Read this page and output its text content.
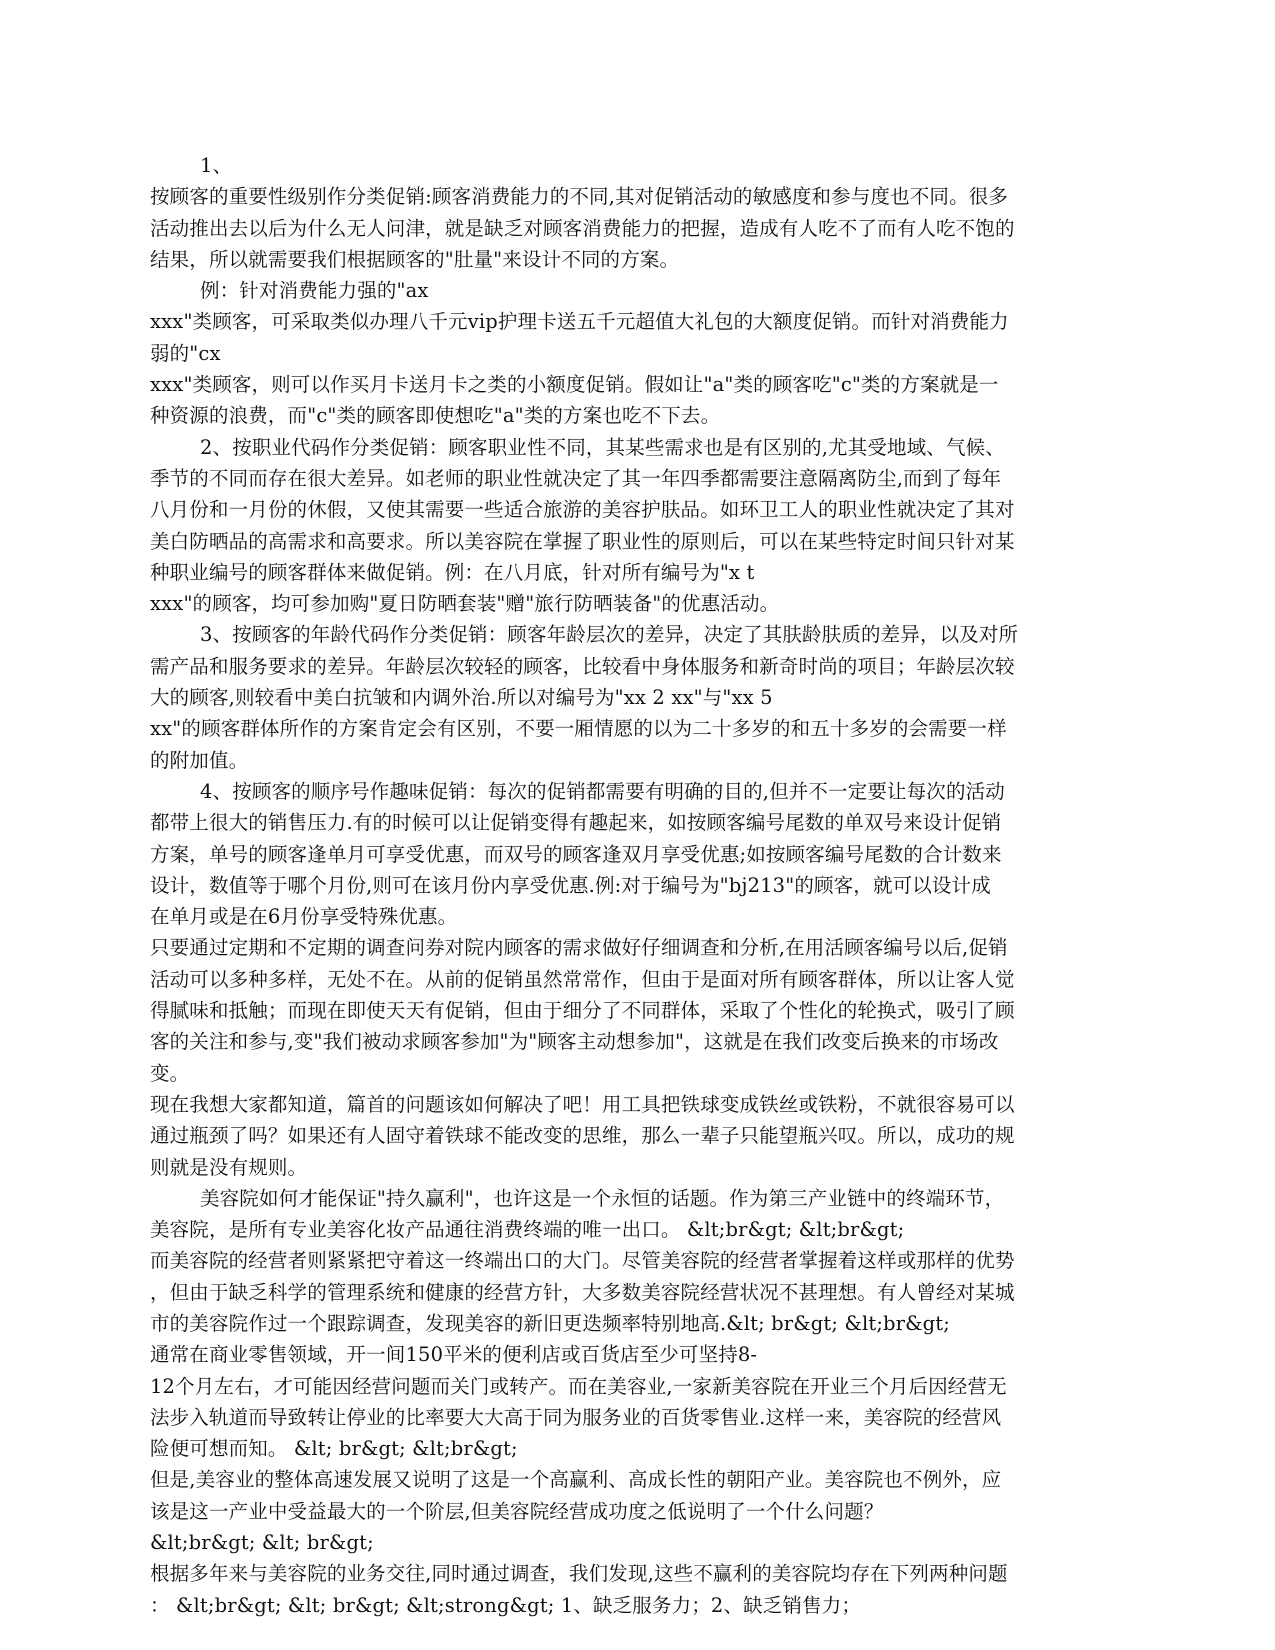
1、

按顾客的重要性级别作分类促销:顾客消费能力的不同,其对促销活动的敏感度和参与度也不同。很多

活动推出去以后为什么无人问津，就是缺乏对顾客消费能力的把握，造成有人吃不了而有人吃不饱的

结果，所以就需要我们根据顾客的"肚量"来设计不同的方案。

例：针对消费能力强的"ax

xxx"类顾客，可采取类似办理八千元vip护理卡送五千元超值大礼包的大额度促销。而针对消费能力

弱的"cx

xxx"类顾客，则可以作买月卡送月卡之类的小额度促销。假如让"a"类的顾客吃"c"类的方案就是一

种资源的浪费，而"c"类的顾客即使想吃"a"类的方案也吃不下去。

2、按职业代码作分类促销：顾客职业性不同，其某些需求也是有区别的,尤其受地域、气候、

季节的不同而存在很大差异。如老师的职业性就决定了其一年四季都需要注意隔离防尘,而到了每年

八月份和一月份的休假，又使其需要一些适合旅游的美容护肤品。如环卫工人的职业性就决定了其对

美白防晒品的高需求和高要求。所以美容院在掌握了职业性的原则后，可以在某些特定时间只针对某

种职业编号的顾客群体来做促销。例：在八月底，针对所有编号为"x t

xxx"的顾客，均可参加购"夏日防晒套装"赠"旅行防晒装备"的优惠活动。

3、按顾客的年龄代码作分类促销：顾客年龄层次的差异，决定了其肤龄肤质的差异，以及对所

需产品和服务要求的差异。年龄层次较轻的顾客，比较看中身体服务和新奇时尚的项目；年龄层次较

大的顾客,则较看中美白抗皱和内调外治.所以对编号为"xx 2 xx"与"xx 5

xx"的顾客群体所作的方案肯定会有区别，不要一厢情愿的以为二十多岁的和五十多岁的会需要一样

的附加值。

4、按顾客的顺序号作趣味促销：每次的促销都需要有明确的目的,但并不一定要让每次的活动

都带上很大的销售压力.有的时候可以让促销变得有趣起来，如按顾客编号尾数的单双号来设计促销

方案，单号的顾客逢单月可享受优惠，而双号的顾客逢双月享受优惠;如按顾客编号尾数的合计数来

设计，数值等于哪个月份,则可在该月份内享受优惠.例:对于编号为"bj213"的顾客，就可以设计成

在单月或是在6月份享受特殊优惠。

只要通过定期和不定期的调查问券对院内顾客的需求做好仔细调查和分析,在用活顾客编号以后,促销

活动可以多种多样，无处不在。从前的促销虽然常常作，但由于是面对所有顾客群体，所以让客人觉

得腻味和抵触；而现在即使天天有促销，但由于细分了不同群体，采取了个性化的轮换式，吸引了顾

客的关注和参与,变"我们被动求顾客参加"为"顾客主动想参加"，这就是在我们改变后换来的市场改

变。

现在我想大家都知道，篇首的问题该如何解决了吧！用工具把铁球变成铁丝或铁粉，不就很容易可以

通过瓶颈了吗？如果还有人固守着铁球不能改变的思维，那么一辈子只能望瓶兴叹。所以，成功的规

则就是没有规则。

美容院如何才能保证"持久赢利"，也许这是一个永恒的话题。作为第三产业链中的终端环节，

美容院，是所有专业美容化妆产品通往消费终端的唯一出口。 &lt;br&gt; &lt;br&gt;

而美容院的经营者则紧紧把守着这一终端出口的大门。尽管美容院的经营者掌握着这样或那样的优势

，但由于缺乏科学的管理系统和健康的经营方针，大多数美容院经营状况不甚理想。有人曾经对某城

市的美容院作过一个跟踪调查，发现美容的新旧更迭频率特别地高.&lt; br&gt; &lt;br&gt;

通常在商业零售领域，开一间150平米的便利店或百货店至少可坚持8-

12个月左右，才可能因经营问题而关门或转产。而在美容业,一家新美容院在开业三个月后因经营无

法步入轨道而导致转让停业的比率要大大高于同为服务业的百货零售业.这样一来，美容院的经营风

险便可想而知。 &lt; br&gt; &lt;br&gt;

但是,美容业的整体高速发展又说明了这是一个高赢利、高成长性的朝阳产业。美容院也不例外，应

该是这一产业中受益最大的一个阶层,但美容院经营成功度之低说明了一个什么问题？

&lt;br&gt; &lt; br&gt;

根据多年来与美容院的业务交往,同时通过调查，我们发现,这些不赢利的美容院均存在下列两种问题

： &lt;br&gt; &lt; br&gt; &lt;strong&gt; 1、缺乏服务力；2、缺乏销售力；
